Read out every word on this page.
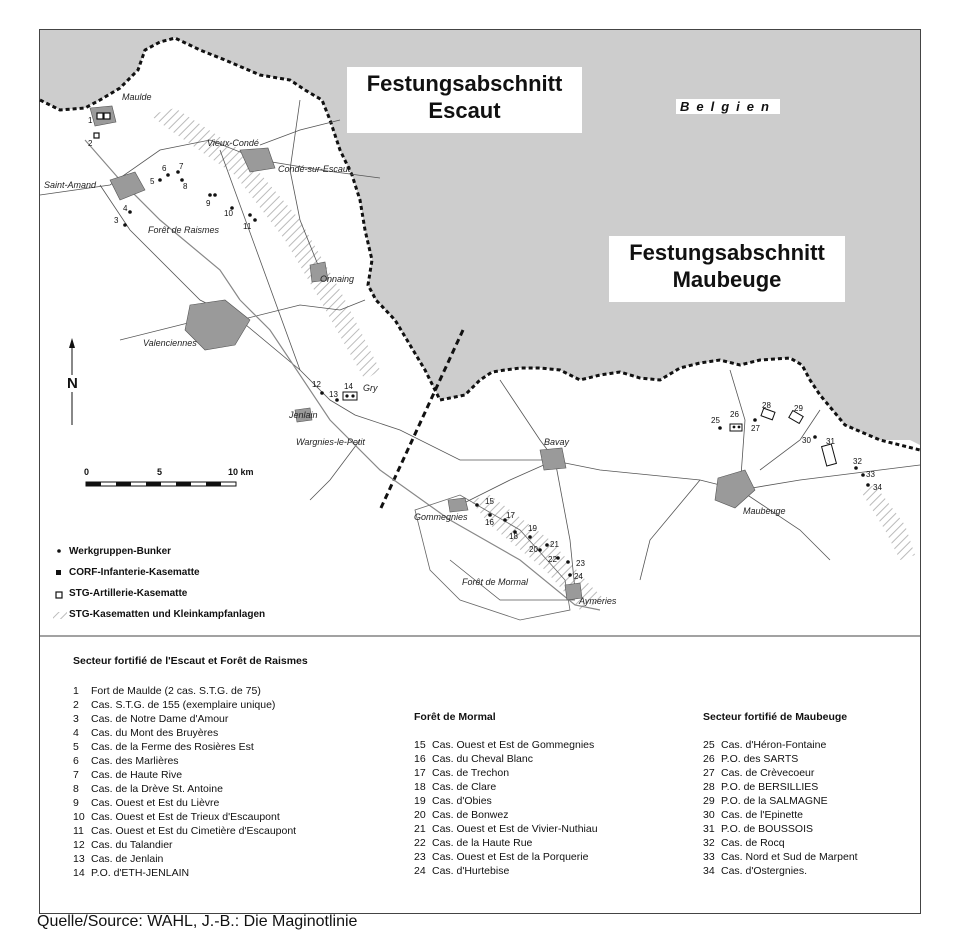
Festungsabschnitt
Escaut
Festungsabschnitt
Maubeuge
Belgien
Maulde
Vieux-Condé
Condé-sur-Escaut
Saint-Amand
Forêt de Raismes
Onnaing
Valenciennes
Jenlain
Gry
Wargnies-le-Petit	Bavay
Gommegnies
Forêt de Mormal
Aymeries
Maubeuge
1
2
3
4
5
6 7
8
9
10
11
12
13
14
15
16
17
18
19
20
21
22 23
24
25
26
27
28	29
30 31
32
33
34
N
0	5	10 km
Werkgruppen-Bunker
CORF-Infanterie-Kasematte
STG-Artillerie-Kasematte
STG-Kasematten und Kleinkampfanlagen
Secteur fortifié de l'Escaut et Forêt de Raismes
1 Fort de Maulde (2 cas. S.T.G. de 75)
2 Cas. S.T.G. de 155 (exemplaire unique)
3 Cas. de Notre Dame d'Amour
4 Cas. du Mont des Bruyères
5 Cas. de la Ferme des Rosières Est
6 Cas. des Marlières
7 Cas. de Haute Rive
8 Cas. de la Drève St. Antoine
9 Cas. Ouest et Est du Lièvre
10 Cas. Ouest et Est de Trieux d'Escaupont
11 Cas. Ouest et Est du Cimetière d'Escaupont
12 Cas. du Talandier
13 Cas. de Jenlain
14 P.O. d'ETH-JENLAIN
Forêt de Mormal
15 Cas. Ouest et Est de Gommegnies
16 Cas. du Cheval Blanc
17 Cas. de Trechon
18 Cas. de Clare
19 Cas. d'Obies
20 Cas. de Bonwez
21 Cas. Ouest et Est de Vivier-Nuthiau
22 Cas. de la Haute Rue
23 Cas. Ouest et Est de la Porquerie
24 Cas. d'Hurtebise
Secteur fortifié de Maubeuge
25 Cas. d'Héron-Fontaine
26 P.O. des SARTS
27 Cas. de Crèvecoeur
28 P.O. de BERSILLIES
29 P.O. de la SALMAGNE
30 Cas. de l'Epinette
31 P.O. de BOUSSOIS
32 Cas. de Rocq
33 Cas. Nord et Sud de Marpent
34 Cas. d'Ostergnies.
Quelle/Source: WAHL, J.-B.: Die Maginotlinie
